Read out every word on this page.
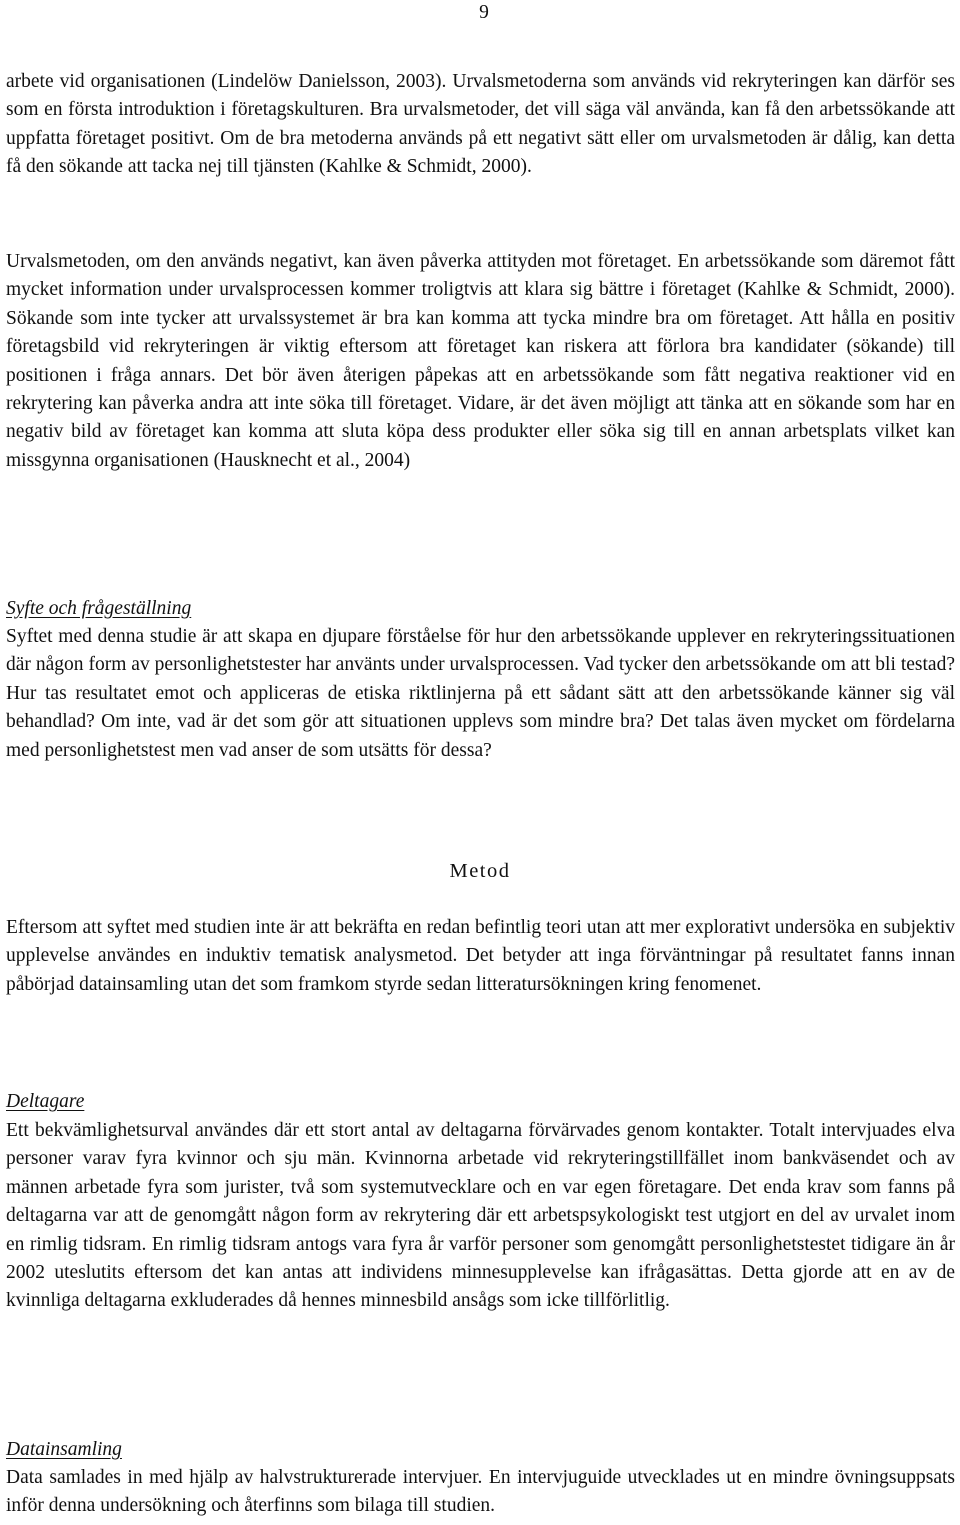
9

arbete vid organisationen (Lindelöw Danielsson, 2003). Urvalsmetoderna som används vid rekryteringen kan därför ses som en första introduktion i företagskulturen. Bra urvalsmetoder, det vill säga väl använda, kan få den arbetssökande att uppfatta företaget positivt. Om de bra metoderna används på ett negativt sätt eller om urvalsmetoden är dålig, kan detta få den sökande att tacka nej till tjänsten (Kahlke & Schmidt, 2000).

Urvalsmetoden, om den används negativt, kan även påverka attityden mot företaget. En arbetssökande som däremot fått mycket information under urvalsprocessen kommer troligtvis att klara sig bättre i företaget (Kahlke & Schmidt, 2000). Sökande som inte tycker att urvalssystemet är bra kan komma att tycka mindre bra om företaget. Att hålla en positiv företagsbild vid rekryteringen är viktig eftersom att företaget kan riskera att förlora bra kandidater (sökande) till positionen i fråga annars. Det bör även återigen påpekas att en arbetssökande som fått negativa reaktioner vid en rekrytering kan påverka andra att inte söka till företaget. Vidare, är det även möjligt att tänka att en sökande som har en negativ bild av företaget kan komma att sluta köpa dess produkter eller söka sig till en annan arbetsplats vilket kan missgynna organisationen (Hausknecht et al., 2004)

Syfte och frågeställning

Syftet med denna studie är att skapa en djupare förståelse för hur den arbetssökande upplever en rekryteringssituationen där någon form av personlighetstester har använts under urvalsprocessen. Vad tycker den arbetssökande om att bli testad? Hur tas resultatet emot och appliceras de etiska riktlinjerna på ett sådant sätt att den arbetssökande känner sig väl behandlad? Om inte, vad är det som gör att situationen upplevs som mindre bra? Det talas även mycket om fördelarna med personlighetstest men vad anser de som utsätts för dessa?

Metod

Eftersom att syftet med studien inte är att bekräfta en redan befintlig teori utan att mer explorativt undersöka en subjektiv upplevelse användes en induktiv tematisk analysmetod. Det betyder att inga förväntningar på resultatet fanns innan påbörjad datainsamling utan det som framkom styrde sedan litteratursökningen kring fenomenet.

Deltagare

Ett bekvämlighetsurval användes där ett stort antal av deltagarna förvärvades genom kontakter. Totalt intervjuades elva personer varav fyra kvinnor och sju män. Kvinnorna arbetade vid rekryteringstillfället inom bankväsendet och av männen arbetade fyra som jurister, två som systemutvecklare och en var egen företagare. Det enda krav som fanns på deltagarna var att de genomgått någon form av rekrytering där ett arbetspsykologiskt test utgjort en del av urvalet inom en rimlig tidsram. En rimlig tidsram antogs vara fyra år varför personer som genomgått personlighetstestet tidigare än år 2002 uteslutits eftersom det kan antas att individens minnesupplevelse kan ifrågasättas. Detta gjorde att en av de kvinnliga deltagarna exkluderades då hennes minnesbild ansågs som icke tillförlitlig.

Datainsamling

Data samlades in med hjälp av halvstrukturerade intervjuer. En intervjuguide utvecklades ut en mindre övningsuppsats inför denna undersökning och återfinns som bilaga till studien.
